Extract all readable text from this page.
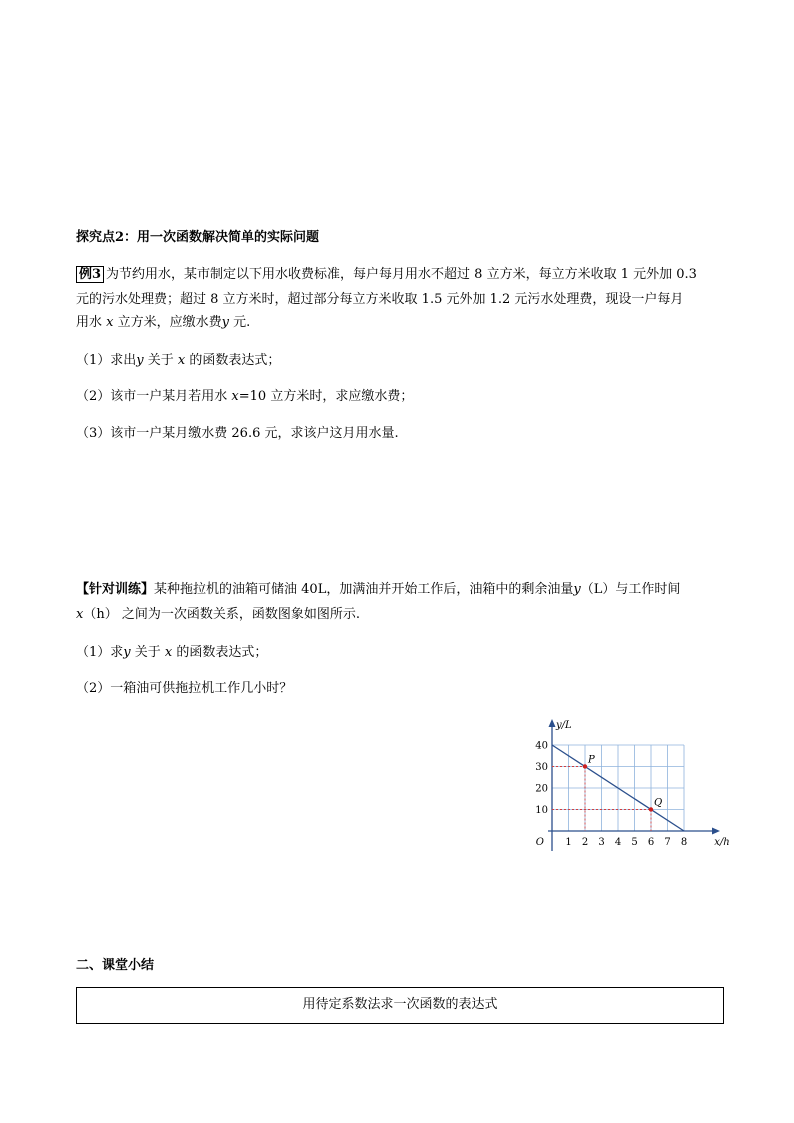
探究点2：用一次函数解决简单的实际问题
例3 为节约用水，某市制定以下用水收费标准，每户每月用水不超过 8 立方米，每立方米收取 1 元外加 0.3
元的污水处理费；超过 8 立方米时，超过部分每立方米收取 1.5 元外加 1.2 元污水处理费，现设一户每月
用水 x 立方米，应缴水费y 元.
（1）求出y 关于 x 的函数表达式；
（2）该市一户某月若用水 x=10 立方米时，求应缴水费；
（3）该市一户某月缴水费 26.6 元，求该户这月用水量.
【针对训练】某种拖拉机的油箱可储油 40L，加满油并开始工作后，油箱中的剩余油量y（L）与工作时间
x（h） 之间为一次函数关系，函数图象如图所示.
（1）求y 关于 x 的函数表达式；
（2）一箱油可供拖拉机工作几小时？
1 2 3 4 5 6 7 8
10
20
30
40
O	x/h
y/L
P
Q
二、课堂小结
用待定系数法求一次函数的表达式
